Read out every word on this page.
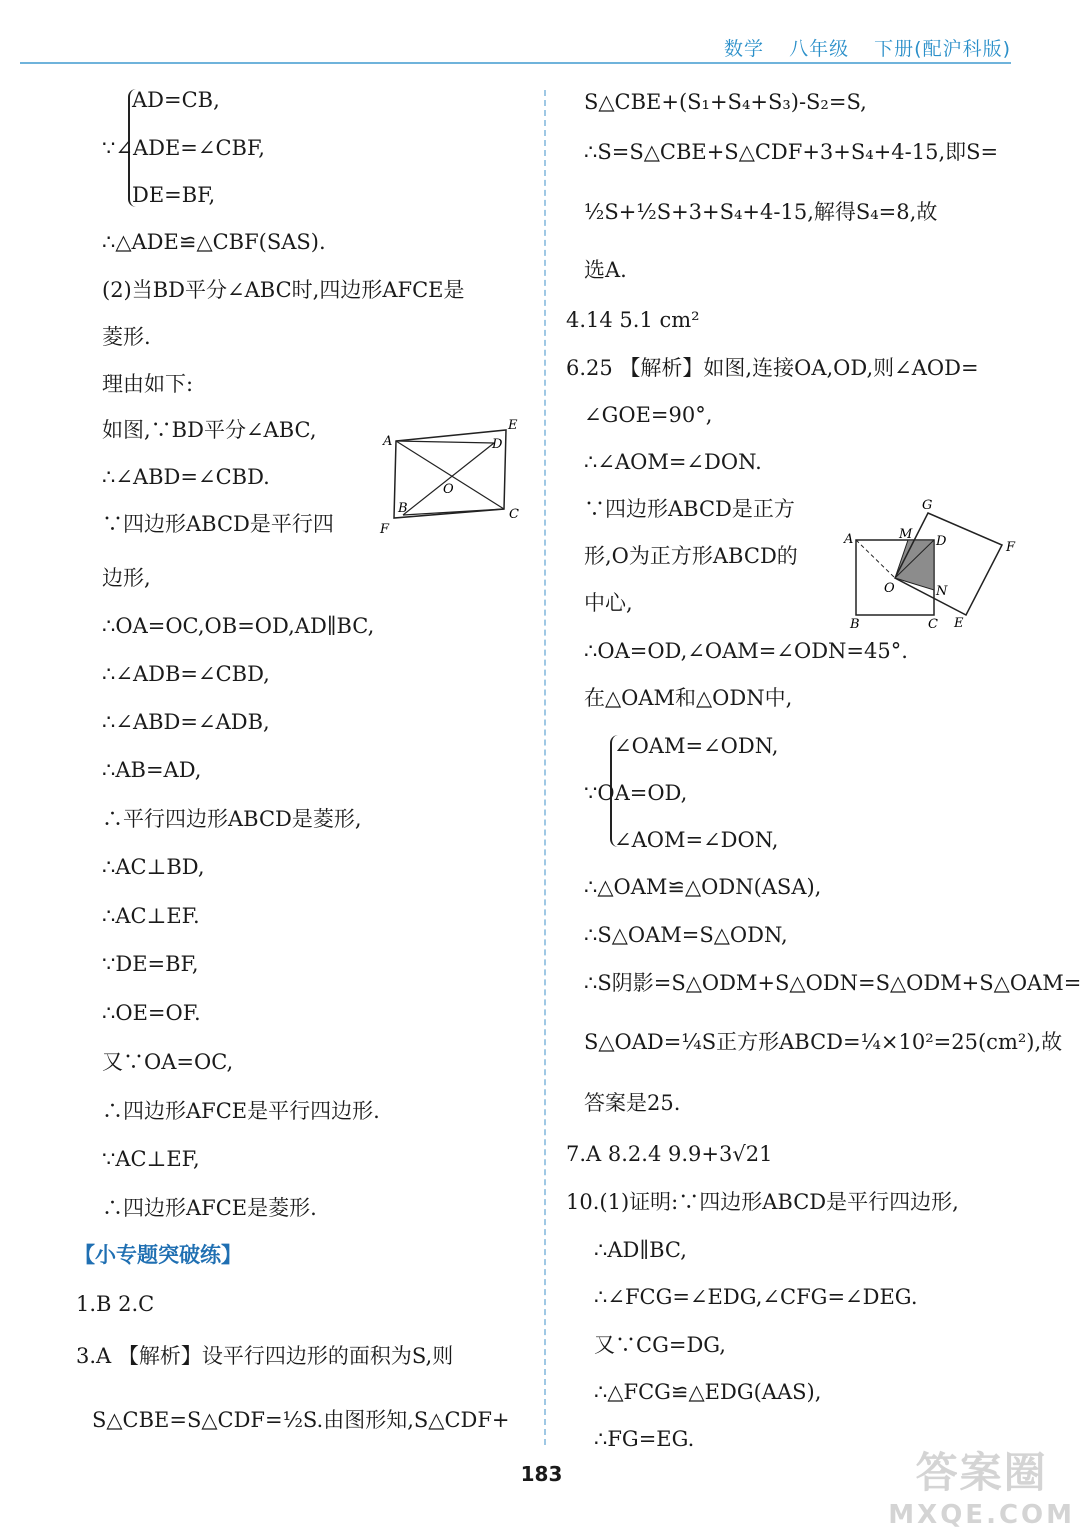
数学 八年级 下册(配沪科版)
AD=CB,
∵∠ADE=∠CBF,
DE=BF,
∴△ADE≌△CBF(SAS).
(2)当BD平分∠ABC时,四边形AFCE是
菱形.
理由如下:
如图,∵BD平分∠ABC,
∴∠ABD=∠CBD.
∵四边形ABCD是平行四
边形,
∴OA=OC,OB=OD,AD∥BC,
∴∠ADB=∠CBD,
∴∠ABD=∠ADB,
∴AB=AD,
∴平行四边形ABCD是菱形,
∴AC⊥BD,
∴AC⊥EF.
∵DE=BF,
∴OE=OF.
又∵OA=OC,
∴四边形AFCE是平行四边形.
∵AC⊥EF,
∴四边形AFCE是菱形.
【小专题突破练】
1.B 2.C
3.A 【解析】设平行四边形的面积为S,则
S△CBE=S△CDF=½S.由图形知,S△CDF+
A
E
D
O
B	C
F
S△CBE+(S₁+S₄+S₃)-S₂=S,
∴S=S△CBE+S△CDF+3+S₄+4-15,即S=
½S+½S+3+S₄+4-15,解得S₄=8,故
选A.
4.14 5.1 cm²
6.25 【解析】如图,连接OA,OD,则∠AOD=
∠GOE=90°,
∴∠AOM=∠DON.
∵四边形ABCD是正方
形,O为正方形ABCD的
中心,
∴OA=OD,∠OAM=∠ODN=45°.
在△OAM和△ODN中,
∠OAM=∠ODN,
∵OA=OD,
∠AOM=∠DON,
∴△OAM≌△ODN(ASA),
∴S△OAM=S△ODN,
∴S阴影=S△ODM+S△ODN=S△ODM+S△OAM=
S△OAD=¼S正方形ABCD=¼×10²=25(cm²),故
答案是25.
7.A 8.2.4 9.9+3√21
10.(1)证明:∵四边形ABCD是平行四边形,
∴AD∥BC,
∴∠FCG=∠EDG,∠CFG=∠DEG.
又∵CG=DG,
∴△FCG≌△EDG(AAS),
∴FG=EG.
G
M
A	D	F
O	N
B	C E
183	答案圈
MXQE.COM
